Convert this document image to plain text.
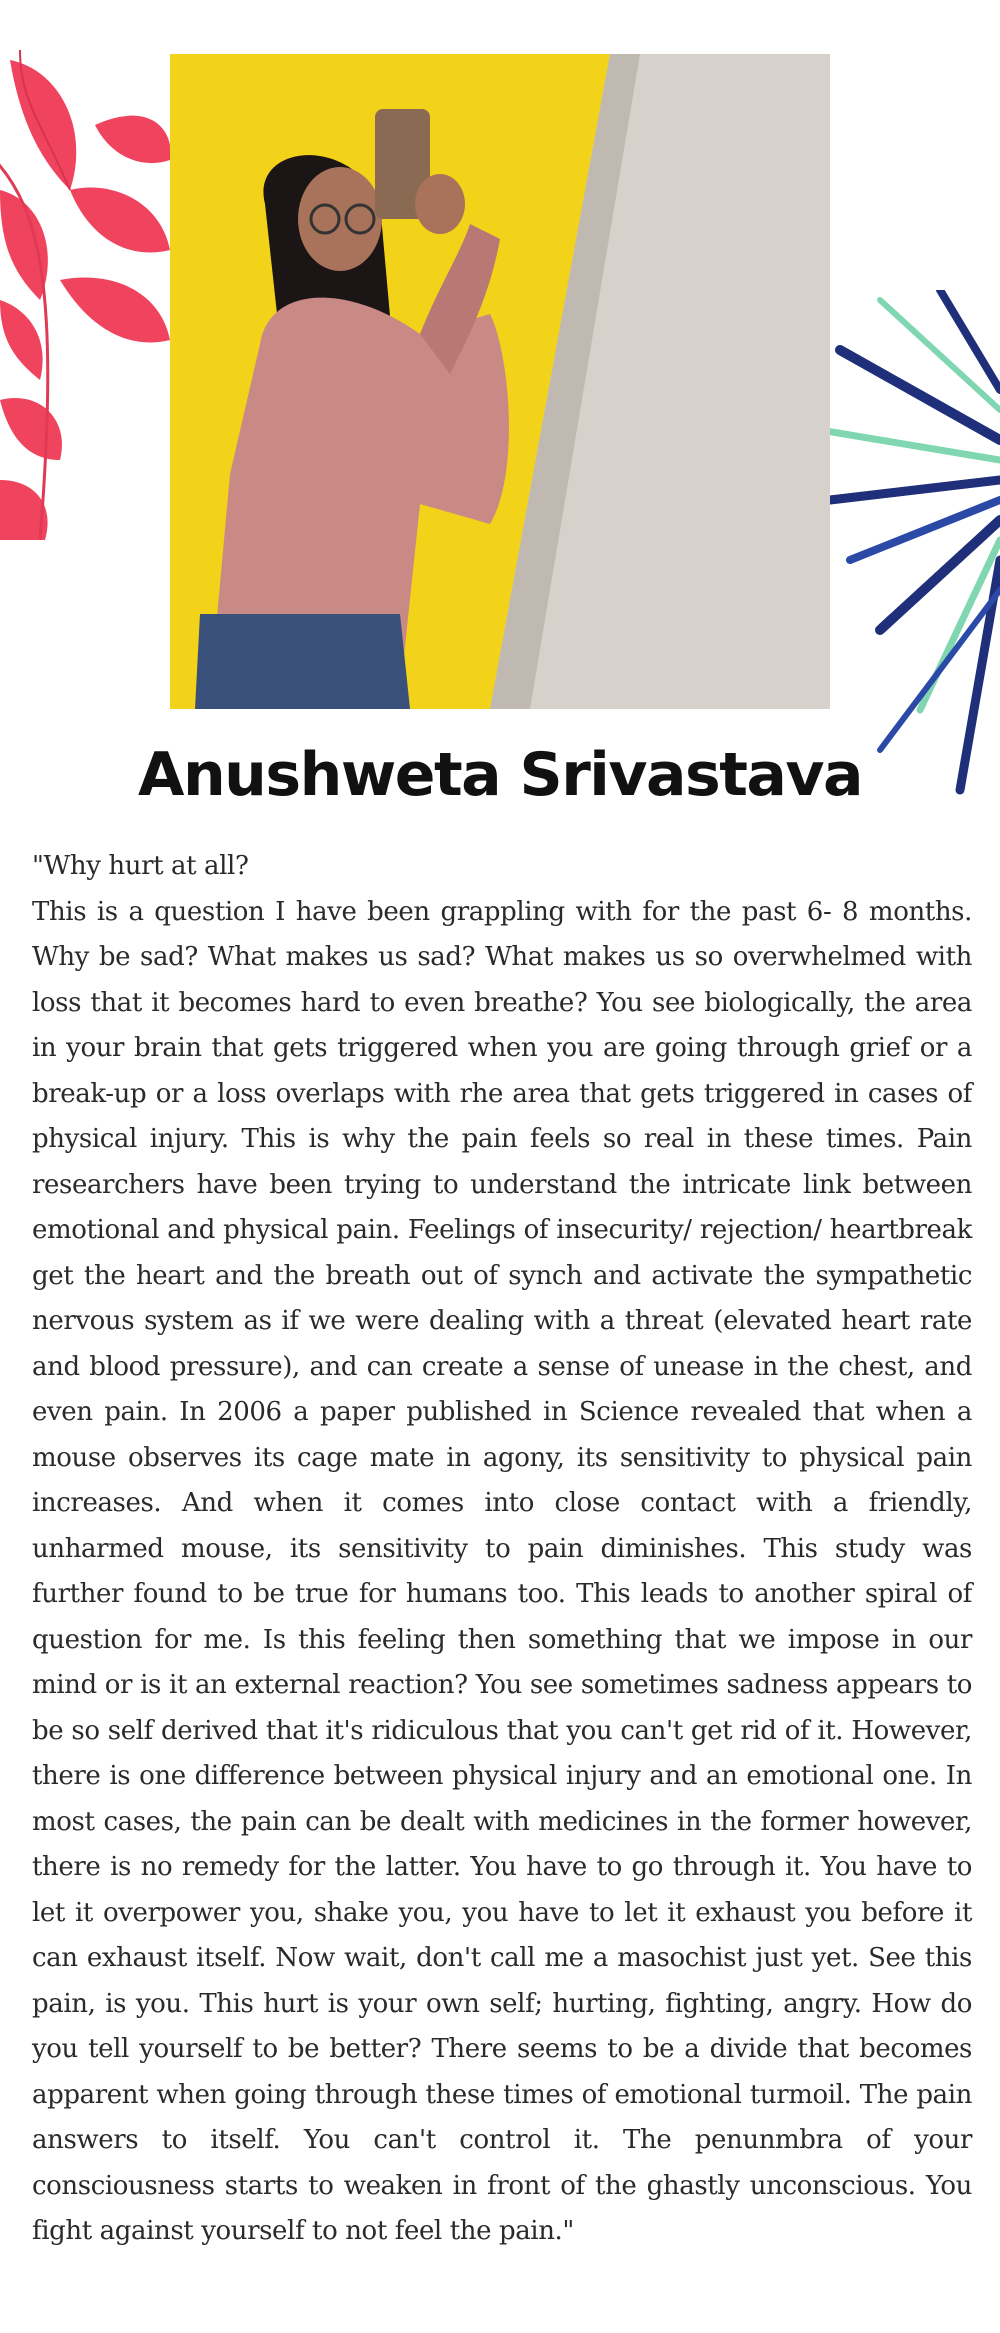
Anushweta Srivastava

"Why hurt at all?
This is a question I have been grappling with for the past 6- 8 months. Why be sad? What makes us sad? What makes us so overwhelmed with loss that it becomes hard to even breathe? You see biologically, the area in your brain that gets triggered when you are going through grief or a break-up or a loss overlaps with rhe area that gets triggered in cases of physical injury. This is why the pain feels so real in these times. Pain researchers have been trying to understand the intricate link between emotional and physical pain. Feelings of insecurity/ rejection/ heartbreak get the heart and the breath out of synch and activate the sympathetic nervous system as if we were dealing with a threat (elevated heart rate and blood pressure), and can create a sense of unease in the chest, and even pain. In 2006 a paper published in Science revealed that when a mouse observes its cage mate in agony, its sensitivity to physical pain increases. And when it comes into close contact with a friendly, unharmed mouse, its sensitivity to pain diminishes. This study was further found to be true for humans too. This leads to another spiral of question for me. Is this feeling then something that we impose in our mind or is it an external reaction? You see sometimes sadness appears to be so self derived that it's ridiculous that you can't get rid of it. However, there is one difference between physical injury and an emotional one. In most cases, the pain can be dealt with medicines in the former however, there is no remedy for the latter. You have to go through it. You have to let it overpower you, shake you, you have to let it exhaust you before it can exhaust itself. Now wait, don't call me a masochist just yet. See this pain, is you. This hurt is your own self; hurting, fighting, angry. How do you tell yourself to be better? There seems to be a divide that becomes apparent when going through these times of emotional turmoil. The pain answers to itself. You can't control it. The penunmbra of your consciousness starts to weaken in front of the ghastly unconscious. You fight against yourself to not feel the pain."
